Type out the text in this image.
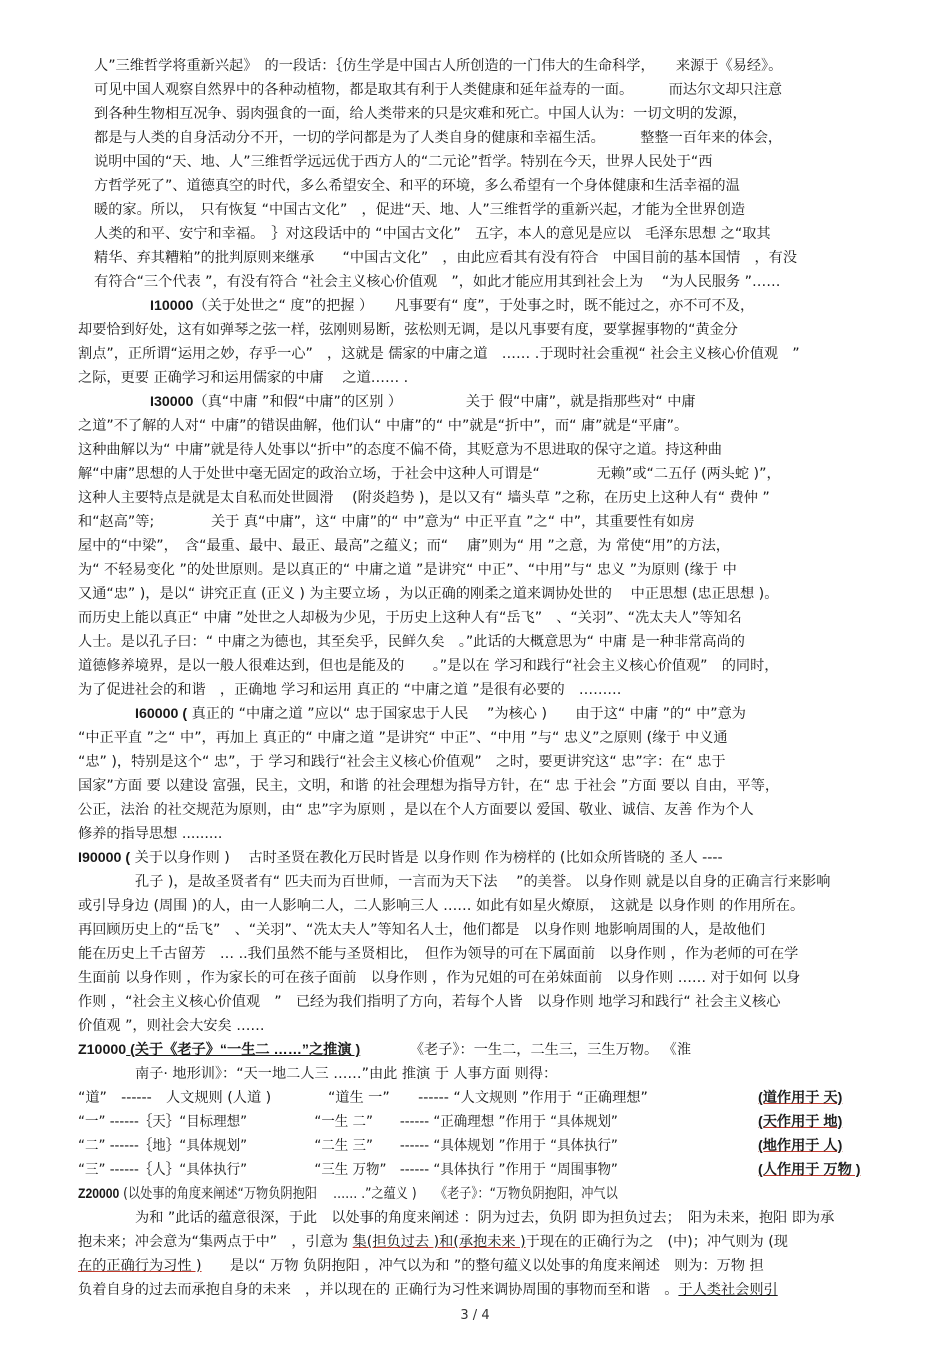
人”三维哲学将重新兴起》　的一段话：｛仿生学是中国古人所创造的一门伟大的生命科学，　　来源于《易经》。
可见中国人观察自然界中的各种动植物，都是取其有利于人类健康和延年益寿的一面。　　　而达尔文却只注意
到各种生物相互况争、弱肉强食的一面，给人类带来的只是灾难和死亡。中国人认为：一切文明的发源，
都是与人类的自身活动分不开，一切的学问都是为了人类自身的健康和幸福生活。　　　整整一百年来的体会，
说明中国的“天、地、人”三维哲学远远优于西方人的“二元论”哲学。特别在今天，世界人民处于“西
方哲学死了”、道德真空的时代，多么希望安全、和平的环境，多么希望有一个身体健康和生活幸福的温
暖的家。所以，　只有恢复 “中国古文化”　，促进“天、地、人”三维哲学的重新兴起，才能为全世界创造
人类的和平、安宁和幸福。　｝对这段话中的 “中国古文化”　五字，本人的意见是应以　毛泽东思想 之“取其
精华、弃其糟粕”的批判原则来继承　　“中国古文化”　，由此应看其有没有符合　中国目前的基本国情　，有没
有符合“三个代表 ”，有没有符合 “社会主义核心价值观　”，如此才能应用其到社会上为　 “为人民服务 ”……
I10000（关于处世之“ 度”的把握 ）　　凡事要有“ 度”，于处事之时，既不能过之，亦不可不及，
却要恰到好处，这有如弹琴之弦一样，弦刚则易断，弦松则无调，是以凡事要有度，要掌握事物的“黄金分
割点”，正所谓“运用之妙，存乎一心”　，这就是 儒家的中庸之道　…… .于现时社会重视“ 社会主义核心价值观　”
之际，更要 正确学习和运用儒家的中庸　 之道…… .
I30000（真“中庸 ”和假“中庸”的区别 ）　　　　　关于 假“中庸”，就是指那些对“ 中庸
之道”不了解的人对“ 中庸”的错误曲解，他们认“ 中庸”的“ 中”就是“折中”，而“ 庸”就是“平庸”。
这种曲解以为“ 中庸”就是待人处事以“折中”的态度不偏不倚，其贬意为不思进取的保守之道。持这种曲
解“中庸”思想的人于处世中毫无固定的政治立场，于社会中这种人可谓是“　　　　无赖”或“二五仔 (两头蛇 )”，
这种人主要特点是就是太自私而处世圆滑　 (附炎趋势 )，是以又有“ 墙头草 ”之称，在历史上这种人有“ 费仲 ”
和“赵高”等;　　　　关于 真“中庸”，这“ 中庸”的“ 中”意为“ 中正平直 ”之“ 中”，其重要性有如房
屋中的“中梁”，　含“最重、最中、最正、最高”之蕴义；而“　 庸”则为“ 用 ”之意，为 常使“用”的方法，
为“ 不轻易变化 ”的处世原则。是以真正的“ 中庸之道 ”是讲究“ 中正”、“中用”与“ 忠义 ”为原则 (缘于 中
又通“忠” )，是以“ 讲究正直 (正义 ) 为主要立场 ，为以正确的刚柔之道来调协处世的　 中正思想 (忠正思想 )。
而历史上能以真正“ 中庸 ”处世之人却极为少见，于历史上这种人有“岳飞”　、“关羽”、“冼太夫人”等知名
人士。是以孔子曰：“ 中庸之为德也，其至矣乎，民鲜久矣　。”此话的大概意思为“ 中庸 是一种非常高尚的
道德修养境界，是以一般人很难达到，但也是能及的　　。”是以在 学习和践行“社会主义核心价值观”　的同时，
为了促进社会的和谐　，正确地 学习和运用 真正的 “中庸之道 ”是很有必要的　………
I60000 ( 真正的 “中庸之道 ”应以“ 忠于国家忠于人民　 ”为核心 )　　由于这“ 中庸 ”的“ 中”意为
“中正平直 ”之“ 中”，再加上 真正的“ 中庸之道 ”是讲究“ 中正”、“中用 ”与“ 忠义”之原则 (缘于 中义通
“忠” )，特别是这个“ 忠”，于 学习和践行“社会主义核心价值观”　之时，要更讲究这“ 忠”字：在“ 忠于
国家”方面 要 以建设 富强，民主，文明，和谐 的社会理想为指导方针，在“ 忠 于社会 ”方面 要以 自由，平等，
公正，法治 的社交规范为原则，由“ 忠”字为原则 ，是以在个人方面要以 爱国、敬业、诚信、友善 作为个人
修养的指导思想 .........
I90000 ( 关于以身作则 )　 古时圣贤在教化万民时皆是 以身作则 作为榜样的 (比如众所皆晓的 圣人 ----
孔子 )，是故圣贤者有“ 匹夫而为百世师，一言而为天下法　 ”的美誉。 以身作则 就是以自身的正确言行来影响
或引导身边 (周围 )的人，由一人影响二人，二人影响三人 …… 如此有如星火燎原，　这就是 以身作则 的作用所在。
再回顾历史上的“岳飞”　、“关羽”、“冼太夫人”等知名人士，他们都是　以身作则 地影响周围的人，是故他们
能在历史上千古留芳　… ..我们虽然不能与圣贤相比，　但作为领导的可在下属面前　以身作则 ，作为老师的可在学
生面前 以身作则 ，作为家长的可在孩子面前　以身作则 ，作为兄姐的可在弟妹面前　以身作则 …… 对于如何 以身
作则 ，“社会主义核心价值观　”　已经为我们指明了方向，若每个人皆　以身作则 地学习和践行“ 社会主义核心
价值观 ”，则社会大安矣 ……
Z10000 (关于《老子》“一生二 ……”之推演 )　　　　《老子》：一生二，二生三，三生万物。 《淮
南子· 地形训》：“天一地二人三 ……”由此 推演 于 人事方面 则得：
“道”　------　人文规则 (人道 )　　　　“道生 一”　　------ “人文规则 ”作用于 “正确理想”
“一” ------｛天｝“目标理想”　　　　　“一生 二”　　------ “正确理想 ”作用于 “具体规划”
“二” ------｛地｝“具体规划”　　　　　“二生 三”　　------ “具体规划 ”作用于 “具体执行”
“三” ------｛人｝“具体执行”　　　　　“三生 万物”　------ “具体执行 ”作用于 “周围事物”
Z20000 (以处事的角度来阐述“万物负阴抱阳　 …… .”之蕴义 )　　《老子》：“万物负阴抱阳，冲气以
为和 ”此话的蕴意很深，于此　以处事的角度来阐述 ：阴为过去，负阴 即为担负过去；　阳为未来，抱阳 即为承
抱未来；冲会意为“集两点于中”　，引意为 集(担负过去 )和(承抱未来 )于现在的正确行为之　(中)；冲气则为 (现
在的正确行为习性 )　　是以“ 万物 负阴抱阳 ，冲气以为和 ”的整句蕴义以处事的角度来阐述　则为：万物 担
负着自身的过去而承抱自身的未来　，并以现在的 正确行为习性来调协周围的事物而至和谐　。于人类社会则引
(道作用于 天)
(天作用于 地)
(地作用于 人)
(人作用于 万物 )
3 / 4
